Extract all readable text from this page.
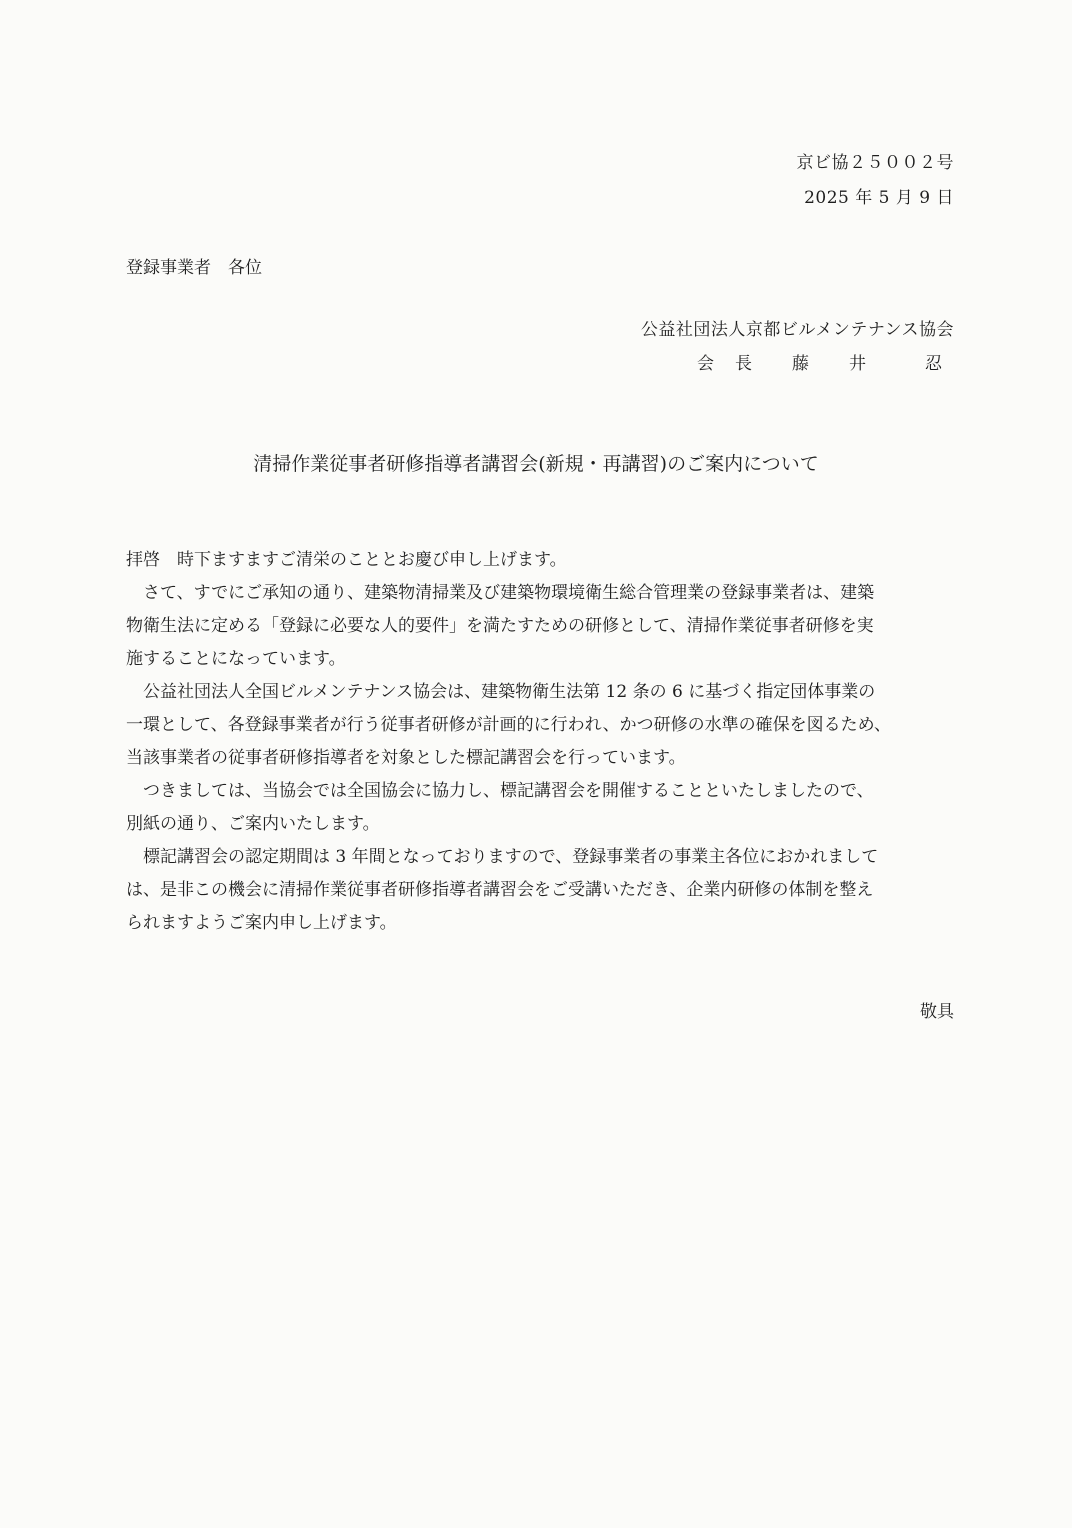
京ビ協２５００２号
2025 年 5 月 9 日
登録事業者　各位
公益社団法人京都ビルメンテナンス協会
会　長　　藤　　井　　　忍
清掃作業従事者研修指導者講習会(新規・再講習)のご案内について
拝啓　時下ますますご清栄のこととお慶び申し上げます。
　さて、すでにご承知の通り、建築物清掃業及び建築物環境衛生総合管理業の登録事業者は、建築
物衛生法に定める「登録に必要な人的要件」を満たすための研修として、清掃作業従事者研修を実
施することになっています。
　公益社団法人全国ビルメンテナンス協会は、建築物衛生法第 12 条の 6 に基づく指定団体事業の
一環として、各登録事業者が行う従事者研修が計画的に行われ、かつ研修の水準の確保を図るため、
当該事業者の従事者研修指導者を対象とした標記講習会を行っています。
　つきましては、当協会では全国協会に協力し、標記講習会を開催することといたしましたので、
別紙の通り、ご案内いたします。
　標記講習会の認定期間は 3 年間となっておりますので、登録事業者の事業主各位におかれまして
は、是非この機会に清掃作業従事者研修指導者講習会をご受講いただき、企業内研修の体制を整え
られますようご案内申し上げます。
敬具
